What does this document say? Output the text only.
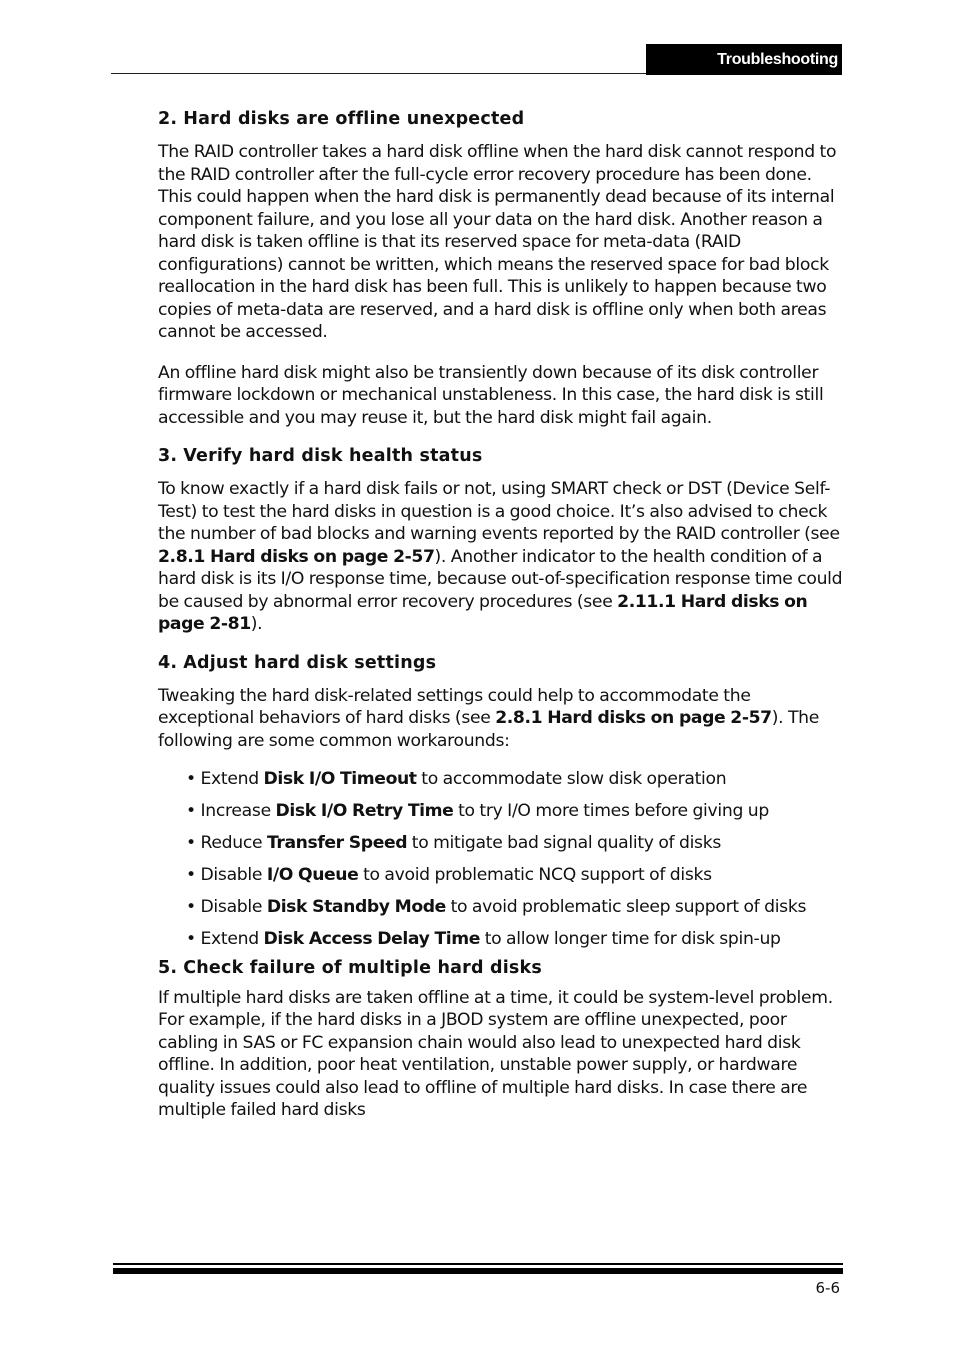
Troubleshooting
2. Hard disks are offline unexpected

The RAID controller takes a hard disk offline when the hard disk cannot respond to the RAID controller after the full-cycle error recovery procedure has been done. This could happen when the hard disk is permanently dead because of its internal component failure, and you lose all your data on the hard disk. Another reason a hard disk is taken offline is that its reserved space for meta-data (RAID configurations) cannot be written, which means the reserved space for bad block reallocation in the hard disk has been full. This is unlikely to happen because two copies of meta-data are reserved, and a hard disk is offline only when both areas cannot be accessed.

An offline hard disk might also be transiently down because of its disk controller firmware lockdown or mechanical unstableness. In this case, the hard disk is still accessible and you may reuse it, but the hard disk might fail again.

3. Verify hard disk health status

To know exactly if a hard disk fails or not, using SMART check or DST (Device Self-Test) to test the hard disks in question is a good choice. It’s also advised to check the number of bad blocks and warning events reported by the RAID controller (see 2.8.1 Hard disks on page 2-57). Another indicator to the health condition of a hard disk is its I/O response time, because out-of-specification response time could be caused by abnormal error recovery procedures (see 2.11.1 Hard disks on page 2-81).

4. Adjust hard disk settings

Tweaking the hard disk-related settings could help to accommodate the exceptional behaviors of hard disks (see 2.8.1 Hard disks on page 2-57). The following are some common workarounds:

• Extend Disk I/O Timeout to accommodate slow disk operation
• Increase Disk I/O Retry Time to try I/O more times before giving up
• Reduce Transfer Speed to mitigate bad signal quality of disks
• Disable I/O Queue to avoid problematic NCQ support of disks
• Disable Disk Standby Mode to avoid problematic sleep support of disks
• Extend Disk Access Delay Time to allow longer time for disk spin-up
5. Check failure of multiple hard disks

If multiple hard disks are taken offline at a time, it could be system-level problem. For example, if the hard disks in a JBOD system are offline unexpected, poor cabling in SAS or FC expansion chain would also lead to unexpected hard disk offline. In addition, poor heat ventilation, unstable power supply, or hardware quality issues could also lead to offline of multiple hard disks. In case there are multiple failed hard disks

6-6
